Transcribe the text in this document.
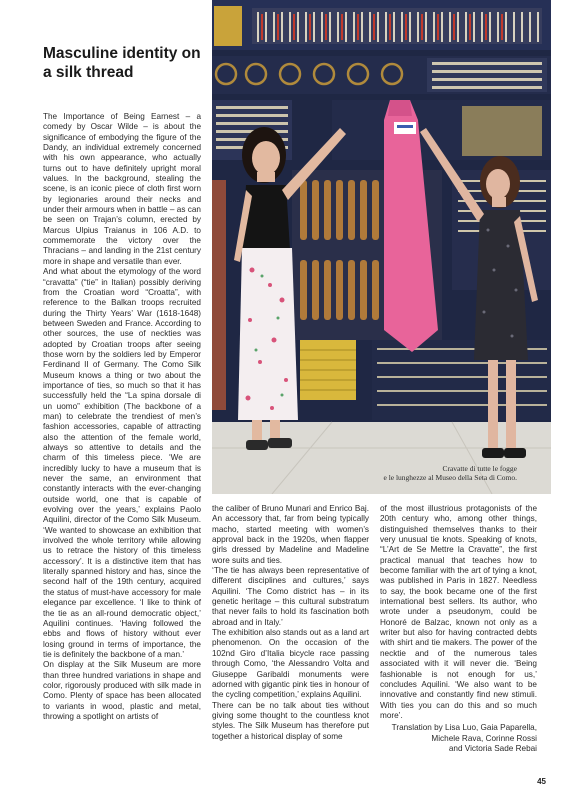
Masculine identity on a silk thread

The Importance of Being Earnest – a comedy by Oscar Wilde – is about the significance of embodying the figure of the Dandy, an individual extremely concerned with his own appearance, who actually turns out to have definitely upright moral values. In the background, stealing the scene, is an iconic piece of cloth first worn by legionaries around their necks and under their armours when in battle – as can be seen on Trajan’s column, erected by Marcus Ulpius Traianus in 106 A.D. to commemorate the victory over the Thracians – and landing in the 21st century more in shape and versatile than ever.

And what about the etymology of the word “cravatta” (“tie” in Italian) possibly deriving from the Croatian word “Croatta”, with reference to the Balkan troops recruited during the Thirty Years’ War (1618-1648) between Sweden and France. According to other sources, the use of neckties was adopted by Croatian troops after seeing those worn by the soldiers led by Emperor Ferdinand II of Germany. The Como Silk Museum knows a thing or two about the importance of ties, so much so that it has successfully held the “La spina dorsale di un uomo” exhibition (The backbone of a man) to celebrate the trendiest of men’s fashion accessories, capable of attracting also the attention of the female world, always so attentive to details and the charm of this timeless piece. ‘We are incredibly lucky to have a museum that is never the same, an environment that constantly interacts with the ever-changing outside world, one that is capable of evolving over the years,’ explains Paolo Aquilini, director of the Como Silk Museum. ‘We wanted to showcase an exhibition that involved the whole territory while allowing us to retrace the history of this timeless accessory’. It is a distinctive item that has literally spanned history and has, since the second half of the 19th century, acquired the status of must-have accessory for male elegance par excellence. ‘I like to think of the tie as an all-round democratic object,’ Aquilini continues. ‘Having followed the ebbs and flows of history without ever losing ground in terms of importance, the tie is definitely the backbone of a man.’

On display at the Silk Museum are more than three hundred variations in shape and color, rigorously produced with silk made in Como. Plenty of space has been allocated to variants in wood, plastic and metal, throwing a spotlight on artists of

Cravatte di tutte le fogge
e le lunghezze al Museo della Seta di Como.

the caliber of Bruno Munari and Enrico Baj. An accessory that, far from being typically macho, started meeting with women’s approval back in the 1920s, when flapper girls dressed by Madeline and Madeline wore suits and ties.

‘The tie has always been representative of different disciplines and cultures,’ says Aquilini. ‘The Como district has – in its genetic heritage – this cultural substratum that never fails to hold its fascination both abroad and in Italy.’

The exhibition also stands out as a land art phenomenon. On the occasion of the 102nd Giro d’Italia bicycle race passing through Como, ‘the Alessandro Volta and Giuseppe Garibaldi monuments were adorned with gigantic pink ties in honour of the cycling competition,’ explains Aquilini.

There can be no talk about ties without giving some thought to the countless knot styles. The Silk Museum has therefore put together a historical display of some

of the most illustrious protagonists of the 20th century who, among other things, distinguished themselves thanks to their very unusual tie knots. Speaking of knots, “L’Art de Se Mettre la Cravatte”, the first practical manual that teaches how to become familiar with the art of tying a knot, was published in Paris in 1827. Needless to say, the book became one of the first international best sellers. Its author, who wrote under a pseudonym, could be Honoré de Balzac, known not only as a writer but also for having contracted debts with shirt and tie makers. The power of the necktie and of the numerous tales associated with it will never die. ‘Being fashionable is not enough for us,’ concludes Aquilini. ‘We also want to be innovative and constantly find new stimuli. With ties you can do this and so much more’.

Translation by Lisa Luo, Gaia Paparella,
Michele Rava, Corinne Rossi
and Victoria Sade Rebai
45
